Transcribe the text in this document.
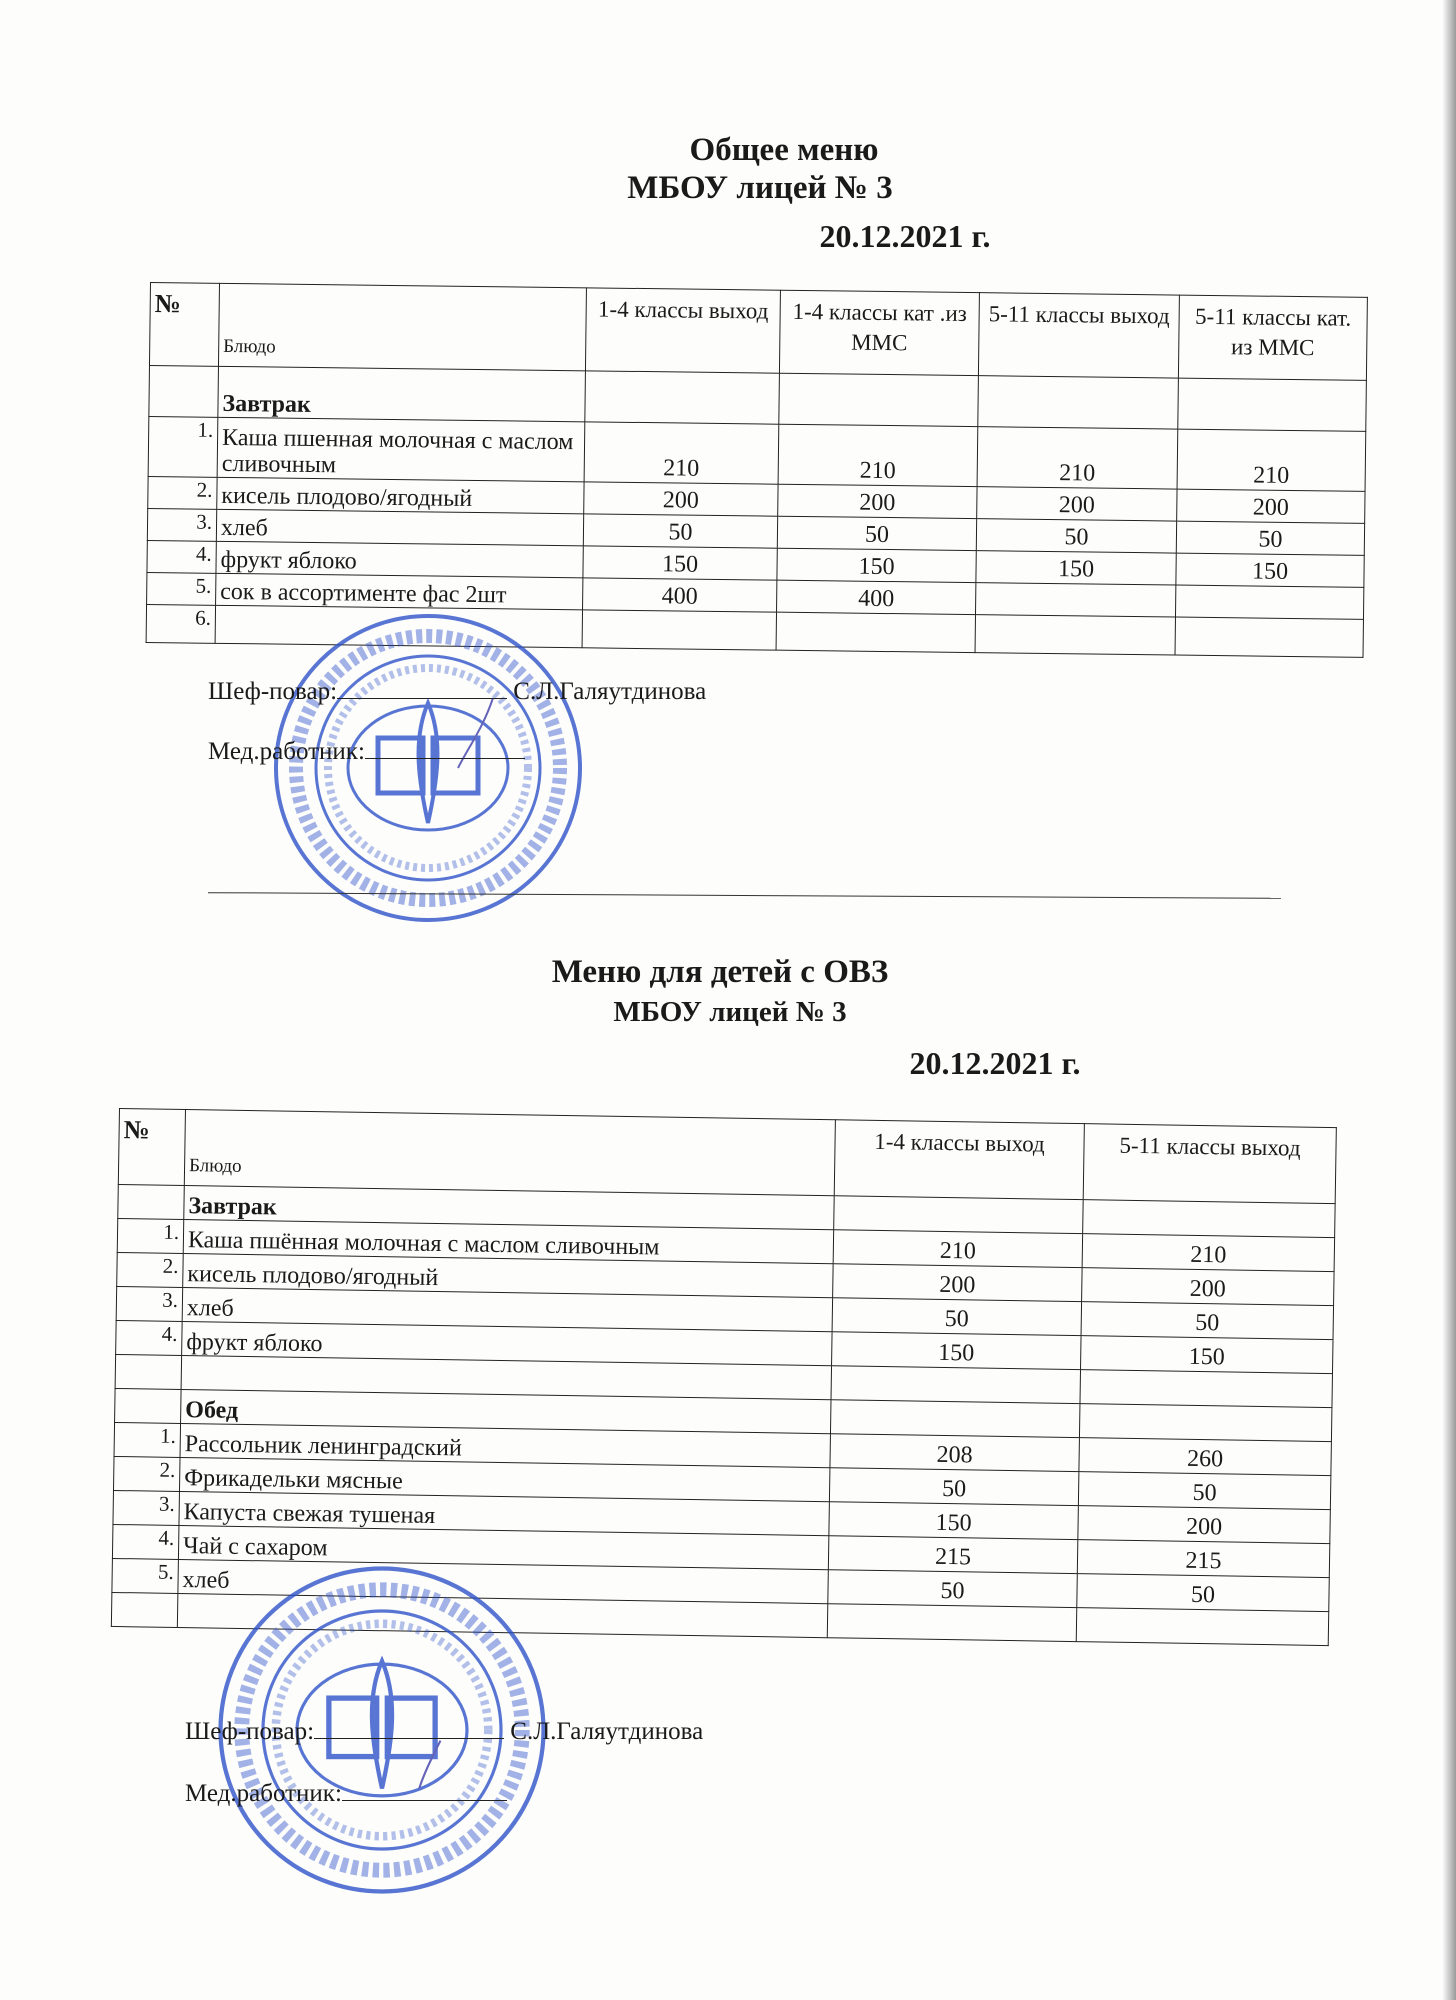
Общее меню
МБОУ лицей № 3
20.12.2021 г.
№	Блюдо	1-4 классы выход	1-4 классы кат .из ММС	5-11 классы выход	5-11 классы кат. из ММС
	Завтрак				
1.	Каша пшенная молочная с маслом сливочным	210	210	210	210
2.	кисель плодово/ягодный	200	200	200	200
3.	хлеб	50	50	50	50
4.	фрукт яблоко	150	150	150	150
5.	сок в ассортименте фас 2шт	400	400		
6.					
Шеф-повар:	С.Л.Галяутдинова
Мед.работник:
Меню для детей с ОВЗ
МБОУ лицей № 3
20.12.2021 г.
№	Блюдо	1-4 классы выход	5-11 классы выход
	Завтрак		
1.	Каша пшённая молочная с маслом сливочным	210	210
2.	кисель плодово/ягодный	200	200
3.	хлеб	50	50
4.	фрукт яблоко	150	150

	Обед		
1.	Рассольник ленинградский	208	260
2.	Фрикадельки мясные	50	50
3.	Капуста свежая тушеная	150	200
4.	Чай с сахаром	215	215
5.	хлеб	50	50

Шеф-повар:	С.Л.Галяутдинова
Мед.работник:
